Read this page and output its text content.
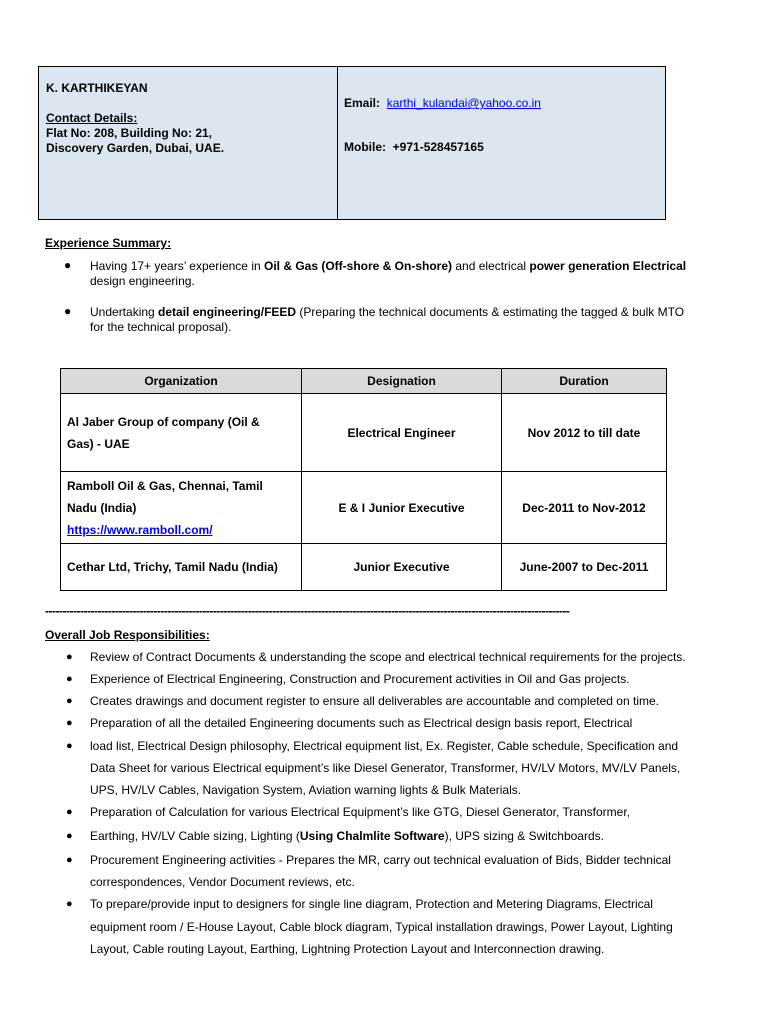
K. KARTHIKEYAN
Contact Details:
Flat No: 208, Building No: 21,
Discovery Garden, Dubai, UAE.
Email: karthi_kulandai@yahoo.co.in
Mobile: +971-528457165
Experience Summary:
● Having 17+ years’ experience in Oil & Gas (Off-shore & On-shore) and electrical power generation Electrical
design engineering.
● Undertaking detail engineering/FEED (Preparing the technical documents & estimating the tagged & bulk MTO
for the technical proposal).
Organization	Designation	Duration

Al Jaber Group of company (Oil &
Gas) - UAE	Electrical Engineer	Nov 2012 to till date

Ramboll Oil & Gas, Chennai, Tamil
Nadu (India)
https://www.ramboll.com/	E & I Junior Executive	Dec-2011 to Nov-2012
Cethar Ltd, Trichy, Tamil Nadu (India)	Junior Executive	June-2007 to Dec-2011
------------------------------------------------------------------------------------------------------------------------------------------------------
Overall Job Responsibilities:
● Review of Contract Documents & understanding the scope and electrical technical requirements for the projects.
● Experience of Electrical Engineering, Construction and Procurement activities in Oil and Gas projects.
● Creates drawings and document register to ensure all deliverables are accountable and completed on time.
● Preparation of all the detailed Engineering documents such as Electrical design basis report, Electrical
● load list, Electrical Design philosophy, Electrical equipment list, Ex. Register, Cable schedule, Specification and
Data Sheet for various Electrical equipment’s like Diesel Generator, Transformer, HV/LV Motors, MV/LV Panels,
UPS, HV/LV Cables, Navigation System, Aviation warning lights & Bulk Materials.
● Preparation of Calculation for various Electrical Equipment’s like GTG, Diesel Generator, Transformer,
● Earthing, HV/LV Cable sizing, Lighting (Using Chalmlite Software), UPS sizing & Switchboards.
● Procurement Engineering activities - Prepares the MR, carry out technical evaluation of Bids, Bidder technical
correspondences, Vendor Document reviews, etc.
● To prepare/provide input to designers for single line diagram, Protection and Metering Diagrams, Electrical
equipment room / E-House Layout, Cable block diagram, Typical installation drawings, Power Layout, Lighting
Layout, Cable routing Layout, Earthing, Lightning Protection Layout and Interconnection drawing.
